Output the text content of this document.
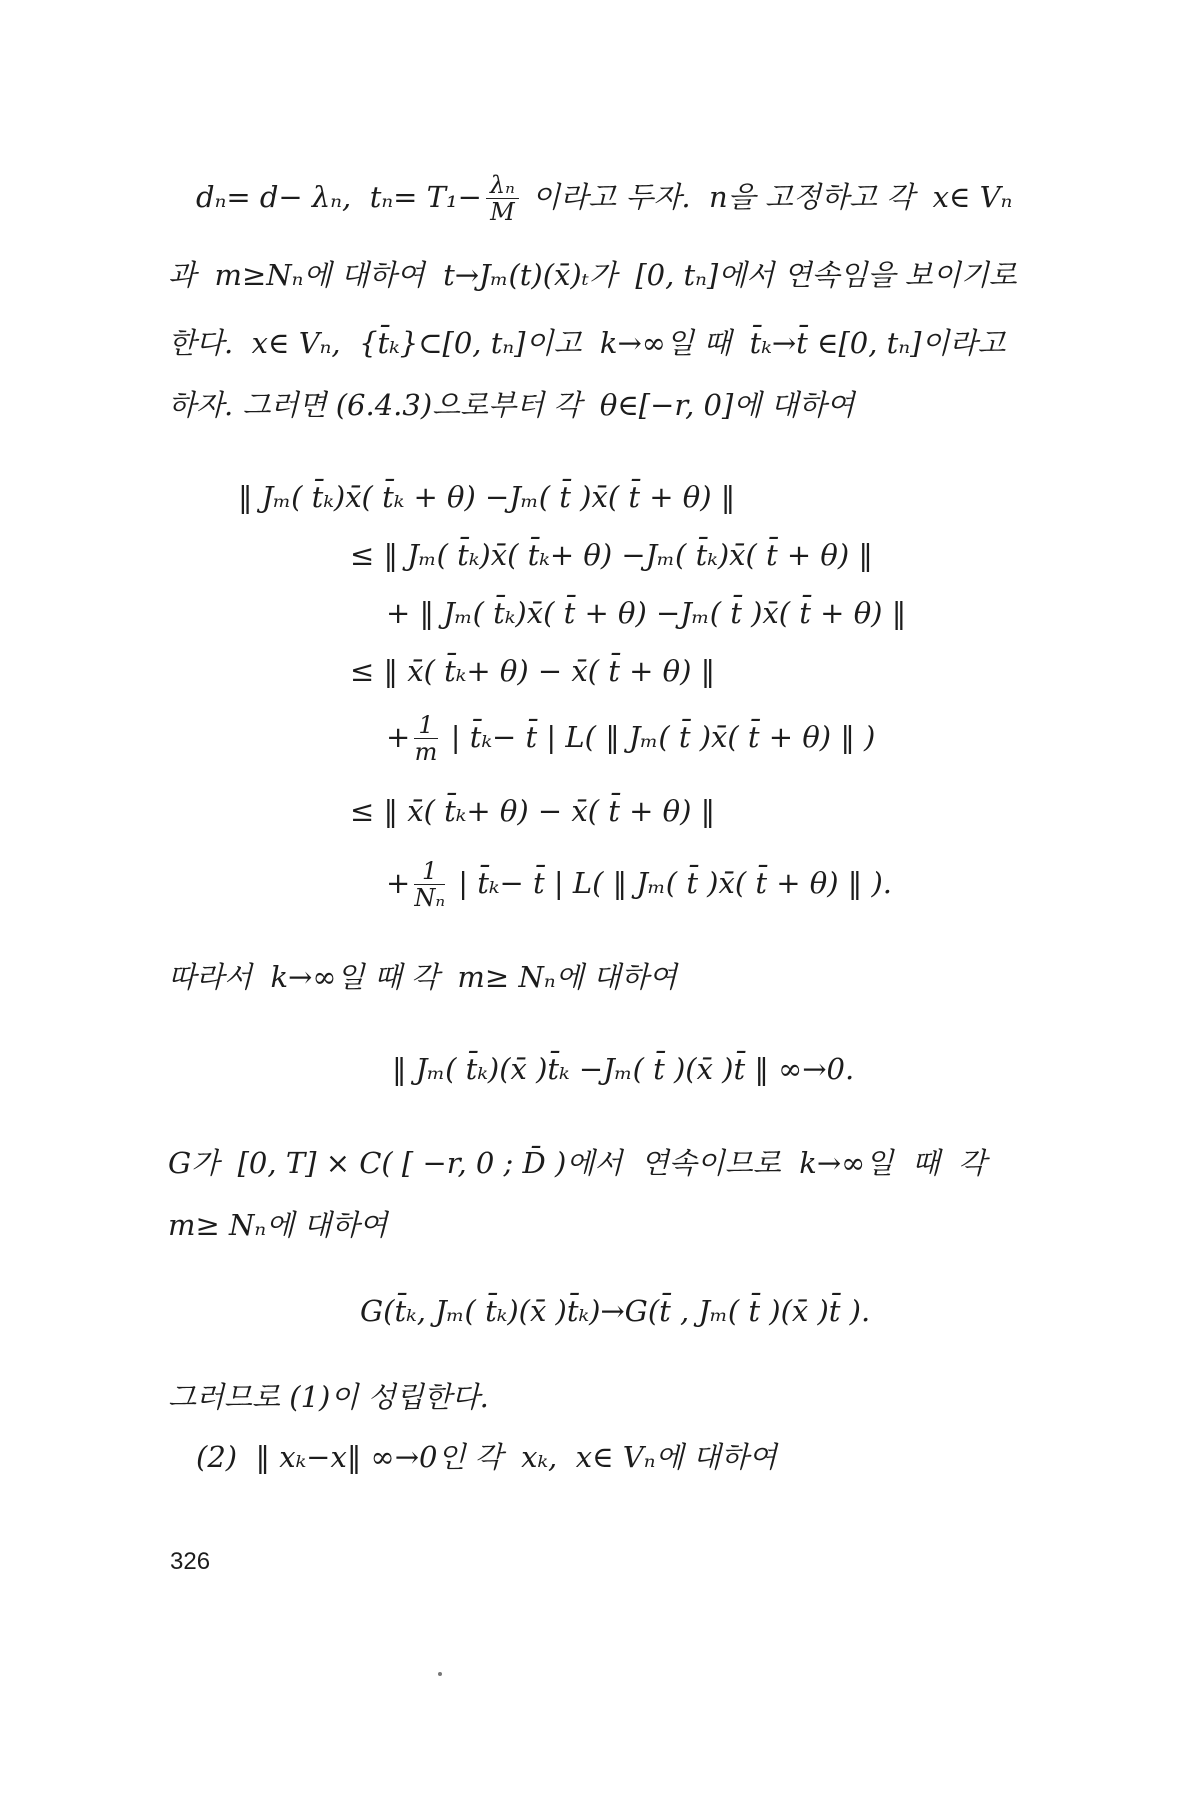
dₙ= d− λₙ,  $t_n= T_1- \frac{\text{λₙ}}{M}$ 이라고 두자.  n을 고정하고 각  x∈ Vₙ
과  m≥Nₙ에 대하여  t→Jₘ(t)(x̄)ₜ가  [0, tₙ]에서 연속임을 보이기로
한다.  x∈ Vₙ,  {t̄ₖ}⊂[0, tₙ]이고  k→∞일 때  t̄ₖ→t̄ ∈[0, tₙ]이라고
하자. 그러면 (6.4.3)으로부터 각  θ∈[−r, 0]에 대하여
‖ Jₘ( t̄ₖ)x̄( t̄ₖ + θ) −Jₘ( t̄ )x̄( t̄ + θ) ‖
≤ ‖ Jₘ( t̄ₖ)x̄( t̄ₖ+ θ) −Jₘ( t̄ₖ)x̄( t̄ + θ) ‖
+ ‖ Jₘ( t̄ₖ)x̄( t̄ + θ) −Jₘ( t̄ )x̄( t̄ + θ) ‖
≤ ‖ x̄( t̄ₖ+ θ) − x̄( t̄ + θ) ‖
+ $\frac{1}{m}$ | t̄ₖ− t̄ | L( ‖ Jₘ( t̄ )x̄( t̄ + θ) ‖ )
≤ ‖ x̄( t̄ₖ+ θ) − x̄( t̄ + θ) ‖
+ $\frac{1}{\text{Nₙ}}$ | t̄ₖ− t̄ | L( ‖ Jₘ( t̄ )x̄( t̄ + θ) ‖ ).
따라서  k→∞일 때 각  m≥ Nₙ에 대하여
‖ Jₘ( t̄ₖ)(x̄ )t̄ₖ −Jₘ( t̄ )(x̄ )t̄ ‖ ∞→0.
G가  [0, T] × C( [ −r, 0 ; D̄ )에서  연속이므로  k→∞일  때  각
m≥ Nₙ에 대하여
G(t̄ₖ, Jₘ( t̄ₖ)(x̄ )t̄ₖ)→G(t̄ , Jₘ( t̄ )(x̄ )t̄ ).
그러므로 (1)이 성립한다.
(2)  ‖ xₖ−x‖ ∞→0인 각  xₖ,  x∈ Vₙ에 대하여
326
